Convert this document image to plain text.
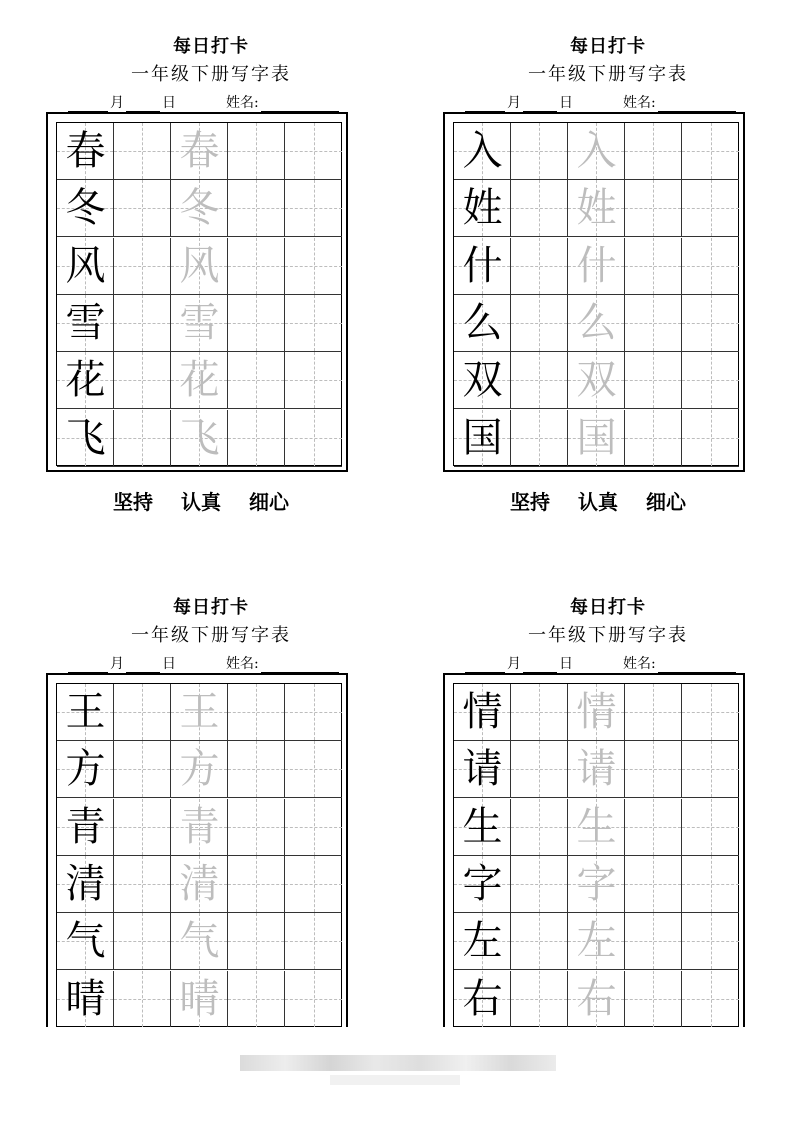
每日打卡
一年级下册写字表
月	日	姓名:
春 春
冬 冬
风 风
雪 雪
花 花
飞 飞
坚持 认真 细心
每日打卡
一年级下册写字表
月	日	姓名:
入 入
姓 姓
什 什
么 么
双 双
国 国
坚持 认真 细心
每日打卡
一年级下册写字表
月	日	姓名:
王 王
方 方
青 青
清 清
气 气
晴 晴
每日打卡
一年级下册写字表
月	日	姓名:
情 情
请 请
生 生
字 字
左 左
右 右
